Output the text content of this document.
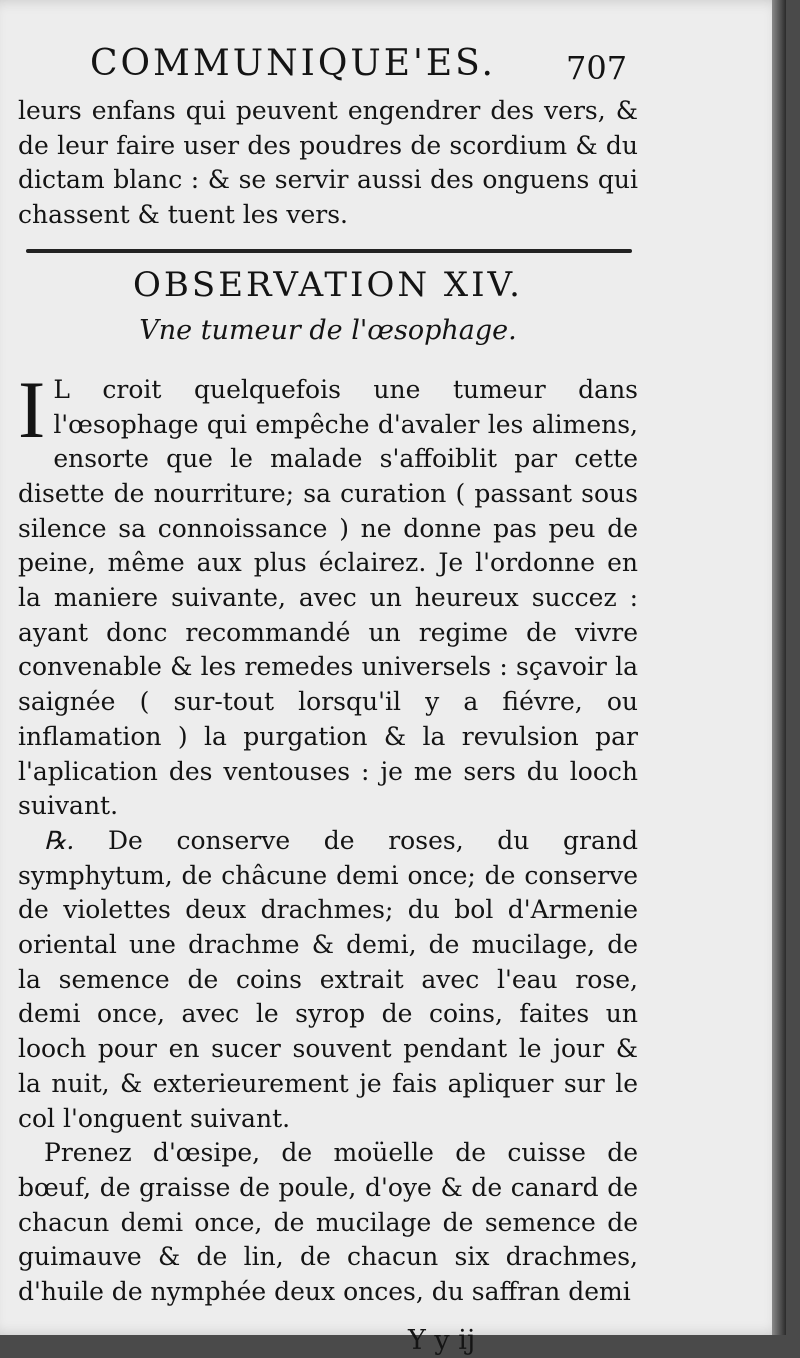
COMMUNIQUE'ES. 707

leurs enfans qui peuvent engendrer des vers, & de leur faire user des poudres de scordium & du dictam blanc : & se servir aussi des onguens qui chassent & tuent les vers.

OBSERVATION XIV.
Vne tumeur de l'œsophage.

I L croit quelquefois une tumeur dans l'œsophage qui empêche d'avaler les alimens, ensorte que le malade s'affoiblit par cette disette de nourriture; sa curation ( passant sous silence sa connoissance ) ne donne pas peu de peine, même aux plus éclairez. Je l'ordonne en la maniere suivante, avec un heureux succez : ayant donc recommandé un regime de vivre convenable & les remedes universels : sçavoir la saignée ( sur-tout lorsqu'il y a fiévre, ou inflamation ) la purgation & la revulsion par l'aplication des ventouses : je me sers du looch suivant.

℞. De conserve de roses, du grand symphytum, de châcune demi once; de conserve de violettes deux drachmes; du bol d'Armenie oriental une drachme & demi, de mucilage, de la semence de coins extrait avec l'eau rose, demi once, avec le syrop de coins, faites un looch pour en sucer souvent pendant le jour & la nuit, & exterieurement je fais apliquer sur le col l'onguent suivant.

Prenez d'œsipe, de moüelle de cuisse de bœuf, de graisse de poule, d'oye & de canard de chacun demi once, de mucilage de semence de guimauve & de lin, de chacun six drachmes, d'huile de nymphée deux onces, du saffran demi

Y y ij
